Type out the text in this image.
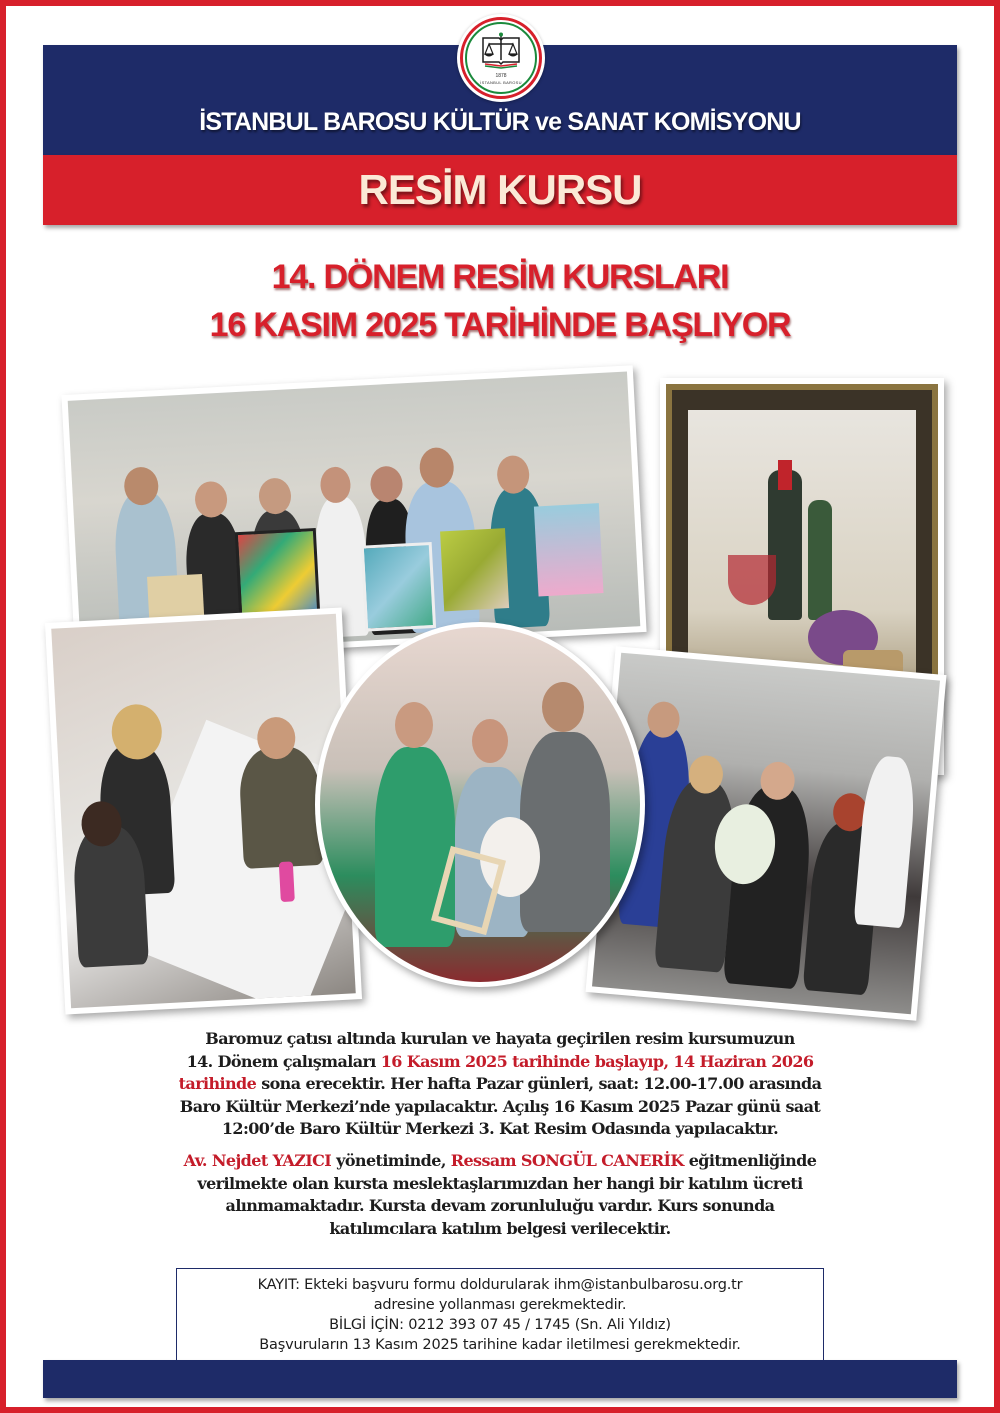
1878
İSTANBUL BAROSU
İSTANBUL BAROSU KÜLTÜR ve SANAT KOMİSYONU
RESİM KURSU
14. DÖNEM RESİM KURSLARI
16 KASIM 2025 TARİHİNDE BAŞLIYOR
Baromuz çatısı altında kurulan ve hayata geçirilen resim kursumuzun
14. Dönem çalışmaları 16 Kasım 2025 tarihinde başlayıp, 14 Haziran 2026
tarihinde sona erecektir. Her hafta Pazar günleri, saat: 12.00-17.00 arasında
Baro Kültür Merkezi’nde yapılacaktır. Açılış 16 Kasım 2025 Pazar günü saat
12:00’de Baro Kültür Merkezi 3. Kat Resim Odasında yapılacaktır.
Av. Nejdet YAZICI yönetiminde, Ressam SONGÜL CANERİK eğitmenliğinde
verilmekte olan kursta meslektaşlarımızdan her hangi bir katılım ücreti
alınmamaktadır. Kursta devam zorunluluğu vardır. Kurs sonunda
katılımcılara katılım belgesi verilecektir.
KAYIT: Ekteki başvuru formu doldurularak ihm@istanbulbarosu.org.tr
adresine yollanması gerekmektedir.
BİLGİ İÇİN: 0212 393 07 45 / 1745 (Sn. Ali Yıldız)
Başvuruların 13 Kasım 2025 tarihine kadar iletilmesi gerekmektedir.
